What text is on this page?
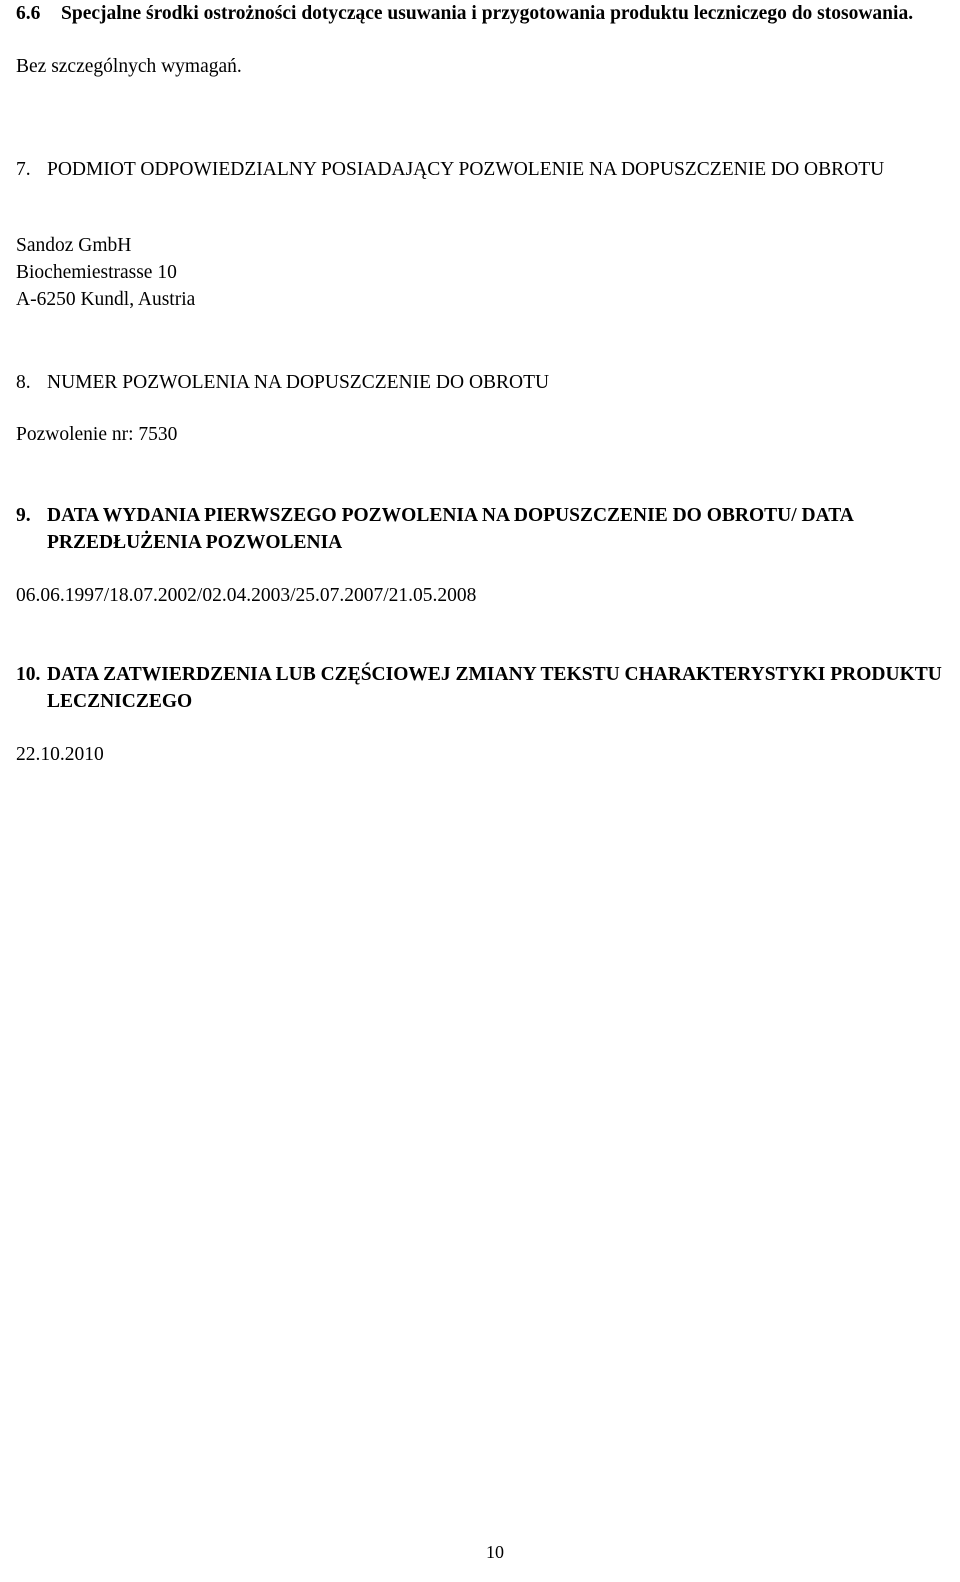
6.6	Specjalne środki ostrożności dotyczące usuwania i przygotowania produktu leczniczego do stosowania.

Bez szczególnych wymagań.

7. PODMIOT ODPOWIEDZIALNY POSIADAJĄCY POZWOLENIE NA DOPUSZCZENIE DO OBROTU

Sandoz GmbH

Biochemiestrasse 10

A-6250 Kundl, Austria

8. NUMER POZWOLENIA NA DOPUSZCZENIE DO OBROTU

Pozwolenie nr: 7530

9. DATA WYDANIA PIERWSZEGO POZWOLENIA NA DOPUSZCZENIE DO OBROTU/ DATA PRZEDŁUŻENIA POZWOLENIA

06.06.1997/18.07.2002/02.04.2003/25.07.2007/21.05.2008

10. DATA ZATWIERDZENIA LUB CZĘŚCIOWEJ ZMIANY TEKSTU CHARAKTERYSTYKI PRODUKTU LECZNICZEGO

22.10.2010

10
